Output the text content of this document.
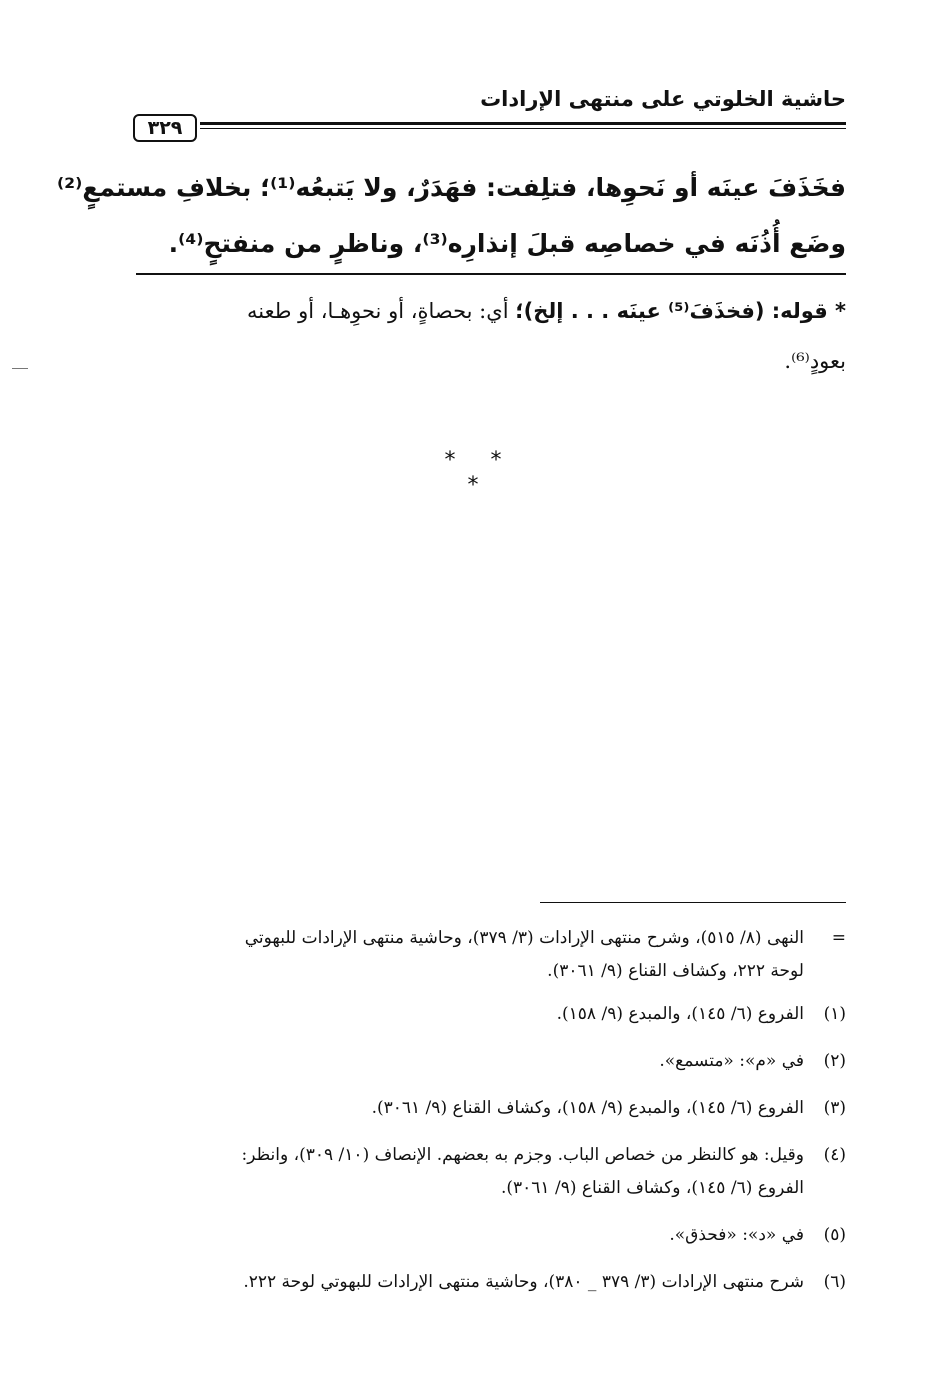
حاشية الخلوتي على منتهى الإرادات
٣٢٩
فخَذَفَ عينَه أو نَحوِها، فتلِفت: فهَدَرٌ، ولا يَتبعُه⁽¹⁾؛ بخلافِ مستمعٍ⁽²⁾
وضَع أُذُنَه في خصاصِه قبلَ إنذارِه⁽³⁾، وناظرٍ من منفتحٍ⁽⁴⁾.
* قوله: (فخذَفَ⁽⁵⁾ عينَه . . . إلخ)؛ أي: بحصاةٍ، أو نحوِهـا، أو طعنه
بعودٍ⁽⁶⁾.
* * *
=
النهى (٨/ ٥١٥)، وشرح منتهى الإرادات (٣/ ٣٧٩)، وحاشية منتهى الإرادات للبهوتي
لوحة ٢٢٢، وكشاف القناع (٩/ ٣٠٦١).
(١)
الفروع (٦/ ١٤٥)، والمبدع (٩/ ١٥٨).
(٢)
في «م»: «متسمع».
(٣)
الفروع (٦/ ١٤٥)، والمبدع (٩/ ١٥٨)، وكشاف القناع (٩/ ٣٠٦١).
(٤)
وقيل: هو كالنظر من خصاص الباب. وجزم به بعضهم. الإنصاف (١٠/ ٣٠٩)، وانظر:
الفروع (٦/ ١٤٥)، وكشاف القناع (٩/ ٣٠٦١).
(٥)
في «د»: «فحذق».
(٦)
شرح منتهى الإرادات (٣/ ٣٧٩ _ ٣٨٠)، وحاشية منتهى الإرادات للبهوتي لوحة ٢٢٢.
